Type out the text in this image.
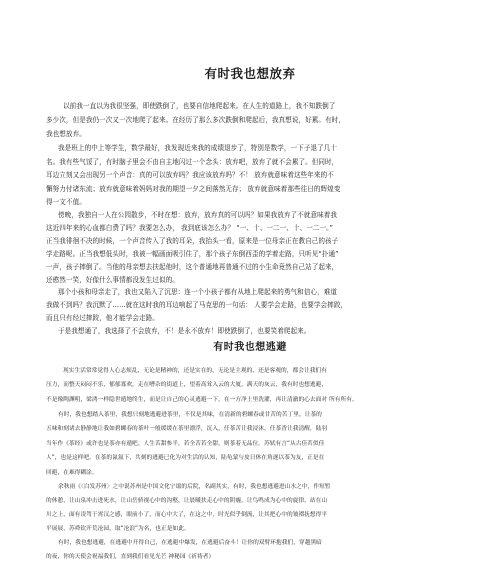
有时我也想放弃
以前我一直以为我很坚强，即使跌倒了，也要自信地爬起来。在人生的道路上，我不知跌倒了
多少次，但是我仍一次又一次地爬了起来。在经历了那么多次跌倒和爬起后，我真想说，好累。有时，
我也想放弃。
我是班上的中上等学生，数学最好，我发现近来我的成绩退步了，特别是数学，一下子退了几十
名。我有些气馁了，有时脑子里会不由自主地闪过一个念头：放弃吧，放弃了就不会累了。但同时，
耳边立刻又会出现另一个声音：真的可以放弃吗？我应该放弃吗？不！ 放弃就意味着这些年来的不
懈努力付诸东流；放弃就意味着妈妈对我的期望一夕之间落然无存； 放弃就意味着那些往日的辉煌变
得一文不值。
傍晚，我独自一人在公园散步，不时在想：放弃，放弃真的可以吗？如果我放弃了不就意味着我
这近四年来的心血都白费了吗？我要怎么办， 我到底该怎么办？ “一、十、一二一、十、一二一。”
正当我徘徊不决的时候，一个声音传入了我的耳朵，我抬头一看，原来是一位母亲正在教自己的孩子
学走路呢。正当我想低头时，我被一幅画面吸引住了，那个孩子东倒西歪的学着走路，只听见“扑通”
一声，孩子摔倒了。当他的母亲想去扶起他时，这个普通地再普通不过的小生命竟然自己站了起来，
还憨然一笑，好像什么事情都没发生过似的。
那个小孩和母亲走了，我也又陷入了沉思：连一个小孩子都有从地上爬起来的勇气和信心，难道
我做不到吗？我沉默了……就在这时我的耳边响起了马克思的一句话： 人要学会走路，也要学会摔跤，
而且只有经过摔跤，他才能学会走路。
于是我想通了，我选择了不会放弃，不！是永不放弃！即使跌倒了，也要笑着爬起来。
有时我也想逃避
现实生活常常觉得人心志烦乱，无论是精神的，还是实在的，无论是主观的，还是客观的，都会让我们有
压力，而整天闷闷不乐，郁郁寡欢，走在嘈杂的街道上，望着高耸入云的大厦，满天的灰云，我有时也想逃避，
不是像陶渊明，梁鸿一样隐世遁地终生，而是让自己的心灵逃避一下，在一方净土里洗濯，再让清澈的心去面对 所有所有。
有时，我也想踏入茶里，我想只刻地逃避进茶里，不仅是其味，在清新的碧螺春或甘苦的苦丁里，让茶的
五味和刻诸去静静地让我如碧螺春的茶叶一般缓缓在茶里漂浮，沉入，任茶苦让我浸沐，任茶香让我清醒，陆羽
当年作《茶经》或许也是茶亦有遁吧。人生苦甜参半，若全苦若全甜，则茶着无品位。苏轼有言“从古佳茗似佳
人”，也是这样吧。在茶的氤氲下，共刻的逃避已化为对生活的认知，陆龟蒙与皮日休在角逐以茶为友，正是在
回避，在难得糊涂。
余秋雨《〈白发苏州〉之中说苏州是中国文化宁谧的后院，名副其实，有时，我也想逃避进山水之中，作短暂
的休憩，让山泉冲击进死水，让山岳骄视心中的沟壑，让晨曦扶走心中的阴霾，让鸟鸣成为心中的旋律，站在山
川之上，面有凌驾于霄汉之感，眼前小了，而心中大了，在这之中，时光似乎倒流，让其把心中的皱褶抚想得平
平展展，苏舜钦开荒沧园，取“沧浪”为名，也正是如此。
有时，我也想逃避，在逃避中开得自己，在逃避中爆发，在逃避后奋斗！让你的双臂环抱我们，穿越黑暗
的夜，你的天使会祝福我们，直到我们看见光芒 神秘园《祈祷者》
